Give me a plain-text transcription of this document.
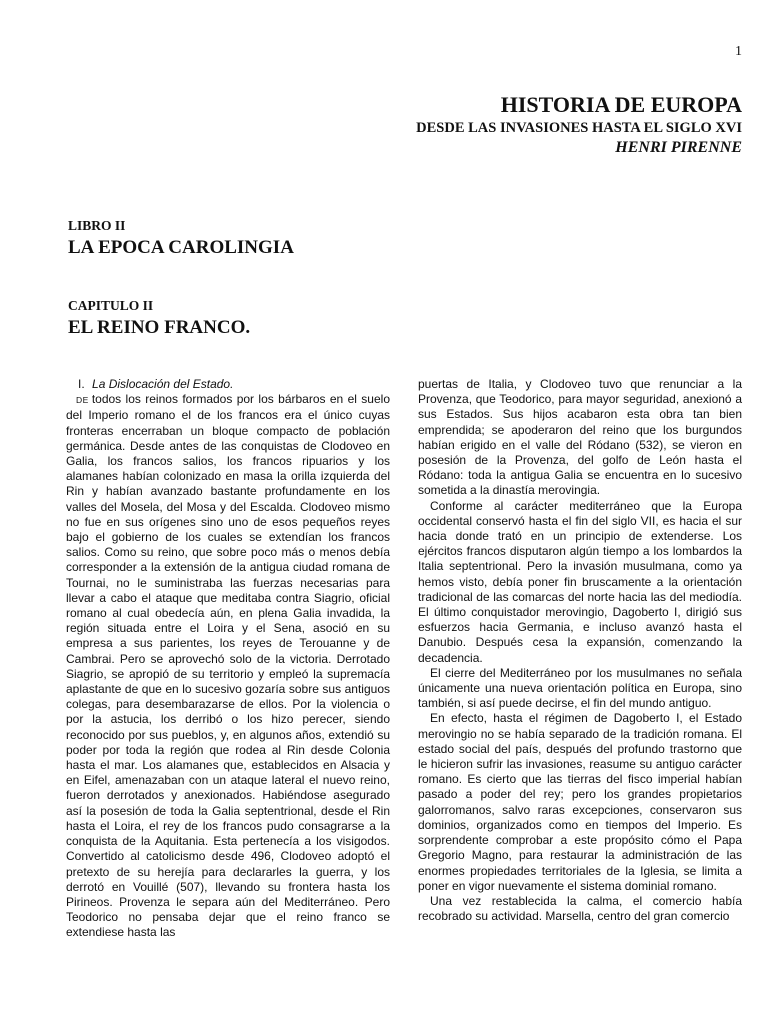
1
HISTORIA DE EUROPA
DESDE LAS INVASIONES HASTA EL SIGLO XVI
HENRI PIRENNE
LIBRO II
LA EPOCA CAROLINGIA
CAPITULO II
EL REINO FRANCO.

I. La Dislocación del Estado.

DE todos los reinos formados por los bárbaros en el suelo del Imperio romano el de los francos era el único cuyas fronteras encerraban un bloque compacto de población germánica. Desde antes de las conquistas de Clodoveo en Galia, los francos salios, los francos ripuarios y los alamanes habían colonizado en masa la orilla izquierda del Rin y habían avanzado bastante profundamente en los valles del Mosela, del Mosa y del Escalda. Clodoveo mismo no fue en sus orígenes sino uno de esos pequeños reyes bajo el gobierno de los cuales se extendían los francos salios. Como su reino, que sobre poco más o menos debía corresponder a la extensión de la antigua ciudad romana de Tournai, no le suministraba las fuerzas necesarias para llevar a cabo el ataque que meditaba contra Siagrio, oficial romano al cual obedecía aún, en plena Galia invadida, la región situada entre el Loira y el Sena, asoció en su empresa a sus parientes, los reyes de Terouanne y de Cambrai. Pero se aprovechó solo de la victoria. Derrotado Siagrio, se apropió de su territorio y empleó la supremacía aplastante de que en lo sucesivo gozaría sobre sus antiguos colegas, para desembarazarse de ellos. Por la violencia o por la astucia, los derribó o los hizo perecer, siendo reconocido por sus pueblos, y, en algunos años, extendió su poder por toda la región que rodea al Rin desde Colonia hasta el mar. Los alamanes que, establecidos en Alsacia y en Eifel, amenazaban con un ataque lateral el nuevo reino, fueron derrotados y anexionados. Habiéndose asegurado así la posesión de toda la Galia septentrional, desde el Rin hasta el Loira, el rey de los francos pudo consagrarse a la conquista de la Aquitania. Esta pertenecía a los visigodos. Convertido al catolicismo desde 496, Clodoveo adoptó el pretexto de su herejía para declararles la guerra, y los derrotó en Vouillé (507), llevando su frontera hasta los Pirineos. Provenza le separa aún del Mediterráneo. Pero Teodorico no pensaba dejar que el reino franco se extendiese hasta las

puertas de Italia, y Clodoveo tuvo que renunciar a la Provenza, que Teodorico, para mayor seguridad, anexionó a sus Estados. Sus hijos acabaron esta obra tan bien emprendida; se apoderaron del reino que los burgundos habían erigido en el valle del Ródano (532), se vieron en posesión de la Provenza, del golfo de León hasta el Ródano: toda la antigua Galia se encuentra en lo sucesivo sometida a la dinastía merovingia.

Conforme al carácter mediterráneo que la Europa occidental conservó hasta el fin del siglo VII, es hacia el sur hacia donde trató en un principio de extenderse. Los ejércitos francos disputaron algún tiempo a los lombardos la Italia septentrional. Pero la invasión musulmana, como ya hemos visto, debía poner fin bruscamente a la orientación tradicional de las comarcas del norte hacia las del mediodía. El último conquistador merovingio, Dagoberto I, dirigió sus esfuerzos hacia Germania, e incluso avanzó hasta el Danubio. Después cesa la expansión, comenzando la decadencia.

El cierre del Mediterráneo por los musulmanes no señala únicamente una nueva orientación política en Europa, sino también, si así puede decirse, el fin del mundo antiguo.

En efecto, hasta el régimen de Dagoberto I, el Estado merovingio no se había separado de la tradición romana. El estado social del país, después del profundo trastorno que le hicieron sufrir las invasiones, reasume su antiguo carácter romano. Es cierto que las tierras del fisco imperial habían pasado a poder del rey; pero los grandes propietarios galorromanos, salvo raras excepciones, conservaron sus dominios, organizados como en tiempos del Imperio. Es sorprendente comprobar a este propósito cómo el Papa Gregorio Magno, para restaurar la administración de las enormes propiedades territoriales de la Iglesia, se limita a poner en vigor nuevamente el sistema dominial romano.

Una vez restablecida la calma, el comercio había recobrado su actividad. Marsella, centro del gran comercio
